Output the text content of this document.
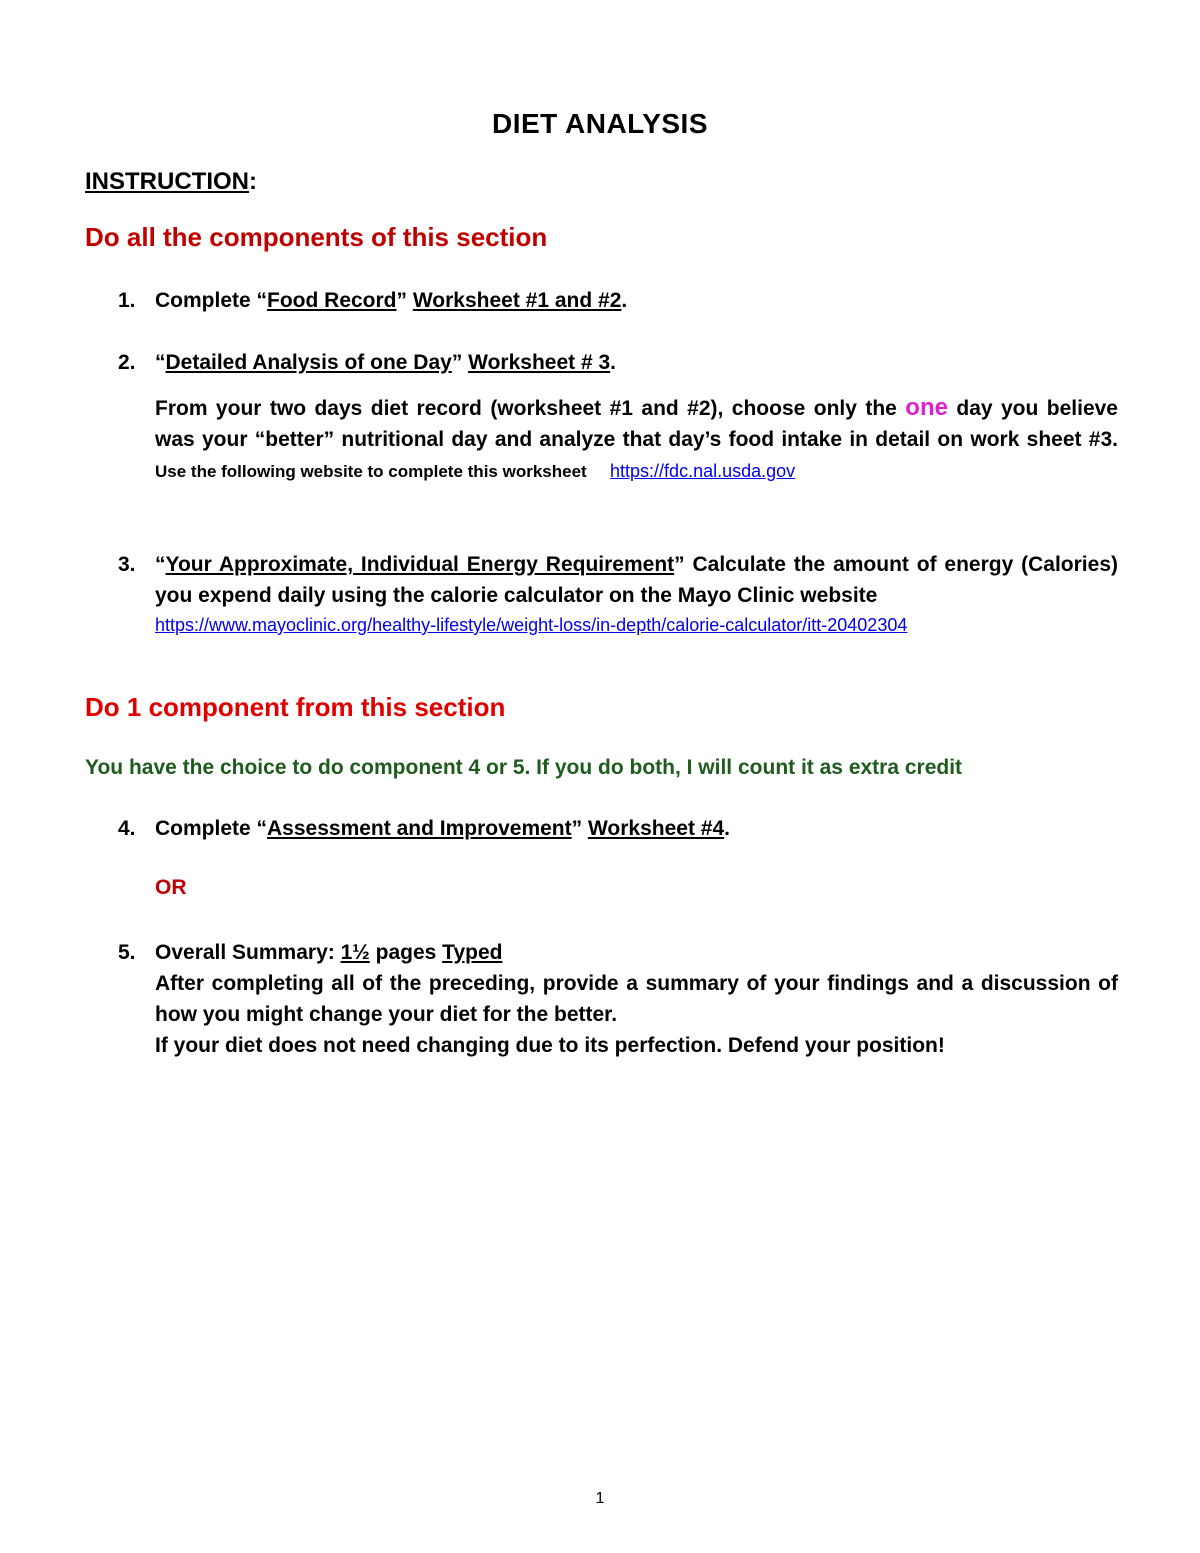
DIET ANALYSIS
INSTRUCTION:
Do all the components of this section
1. Complete “Food Record” Worksheet #1 and #2.
2. “Detailed Analysis of one Day” Worksheet # 3.
From your two days diet record (worksheet #1 and #2), choose only the one day you believe was your “better” nutritional day and analyze that day’s food intake in detail on work sheet #3. Use the following website to complete this worksheet https://fdc.nal.usda.gov
3. “Your Approximate, Individual Energy Requirement” Calculate the amount of energy (Calories) you expend daily using the calorie calculator on the Mayo Clinic website
https://www.mayoclinic.org/healthy-lifestyle/weight-loss/in-depth/calorie-calculator/itt-20402304
Do 1 component from this section
You have the choice to do component 4 or 5. If you do both, I will count it as extra credit
4. Complete “Assessment and Improvement” Worksheet #4.
OR
5. Overall Summary: 1½ pages Typed
After completing all of the preceding, provide a summary of your findings and a discussion of how you might change your diet for the better.
If your diet does not need changing due to its perfection. Defend your position!
1
